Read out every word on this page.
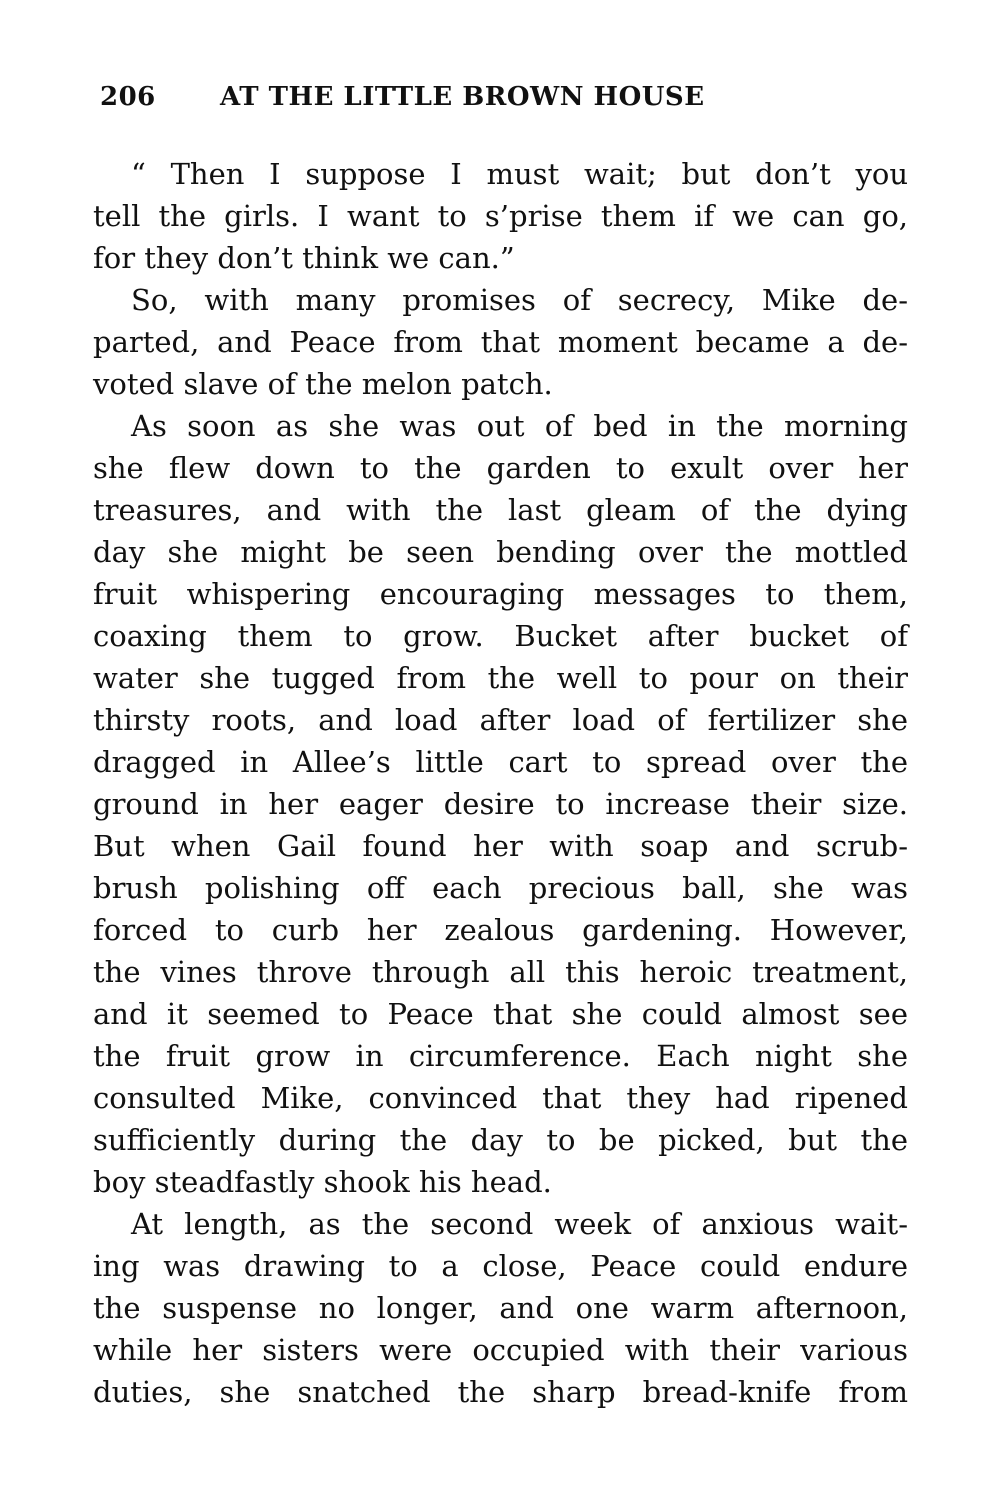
206 AT THE LITTLE BROWN HOUSE
“ Then I suppose I must wait; but don’t you
tell the girls. I want to s’prise them if we can go,
for they don’t think we can.”
So, with many promises of secrecy, Mike de-
parted, and Peace from that moment became a de-
voted slave of the melon patch.
As soon as she was out of bed in the morning
she flew down to the garden to exult over her
treasures, and with the last gleam of the dying
day she might be seen bending over the mottled
fruit whispering encouraging messages to them,
coaxing them to grow. Bucket after bucket of
water she tugged from the well to pour on their
thirsty roots, and load after load of fertilizer she
dragged in Allee’s little cart to spread over the
ground in her eager desire to increase their size.
But when Gail found her with soap and scrub-
brush polishing off each precious ball, she was
forced to curb her zealous gardening. However,
the vines throve through all this heroic treatment,
and it seemed to Peace that she could almost see
the fruit grow in circumference. Each night she
consulted Mike, convinced that they had ripened
sufficiently during the day to be picked, but the
boy steadfastly shook his head.
At length, as the second week of anxious wait-
ing was drawing to a close, Peace could endure
the suspense no longer, and one warm afternoon,
while her sisters were occupied with their various
duties, she snatched the sharp bread-knife from
